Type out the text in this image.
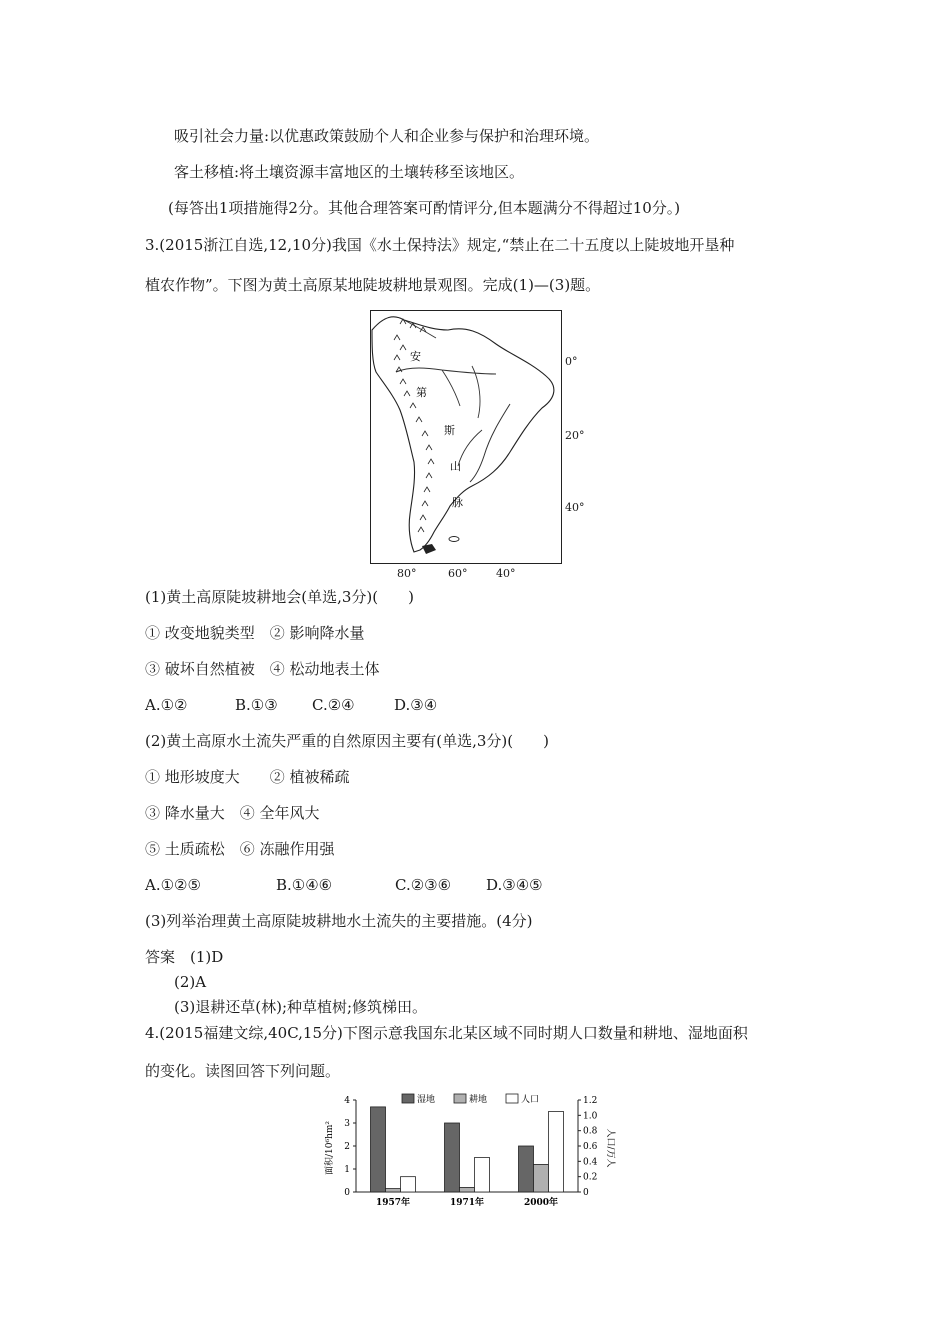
吸引社会力量:以优惠政策鼓励个人和企业参与保护和治理环境。
客土移植:将土壤资源丰富地区的土壤转移至该地区。
(每答出1项措施得2分。其他合理答案可酌情评分,但本题满分不得超过10分。)
3.(2015浙江自选,12,10分)我国《水土保持法》规定,“禁止在二十五度以上陡坡地开垦种
植农作物”。下图为黄土高原某地陡坡耕地景观图。完成(1)—(3)题。
安
第
斯
山
脉
0°
20°
40°
80°	60°	40°
(1)黄土高原陡坡耕地会(单选,3分)(　　)
① 改变地貌类型　② 影响降水量
③ 破坏自然植被　④ 松动地表土体
A.①②	B.①③ C.②④	D.③④
(2)黄土高原水土流失严重的自然原因主要有(单选,3分)(　　)
① 地形坡度大　　② 植被稀疏
③ 降水量大　④ 全年风大
⑤ 土质疏松　⑥ 冻融作用强
A.①②⑤	B.①④⑥	C.②③⑥ D.③④⑤
(3)列举治理黄土高原陡坡耕地水土流失的主要措施。(4分)
答案　(1)D
(2)A
(3)退耕还草(林);种草植树;修筑梯田。
4.(2015福建文综,40C,15分)下图示意我国东北某区域不同时期人口数量和耕地、湿地面积
的变化。读图回答下列问题。
0
1
2
3
4
0
0.2
0.4
0.6
0.8
1.0
1.2
面积/10⁶hm²	人口/万人
湿地	耕地	人口
1957年	1971年	2000年
